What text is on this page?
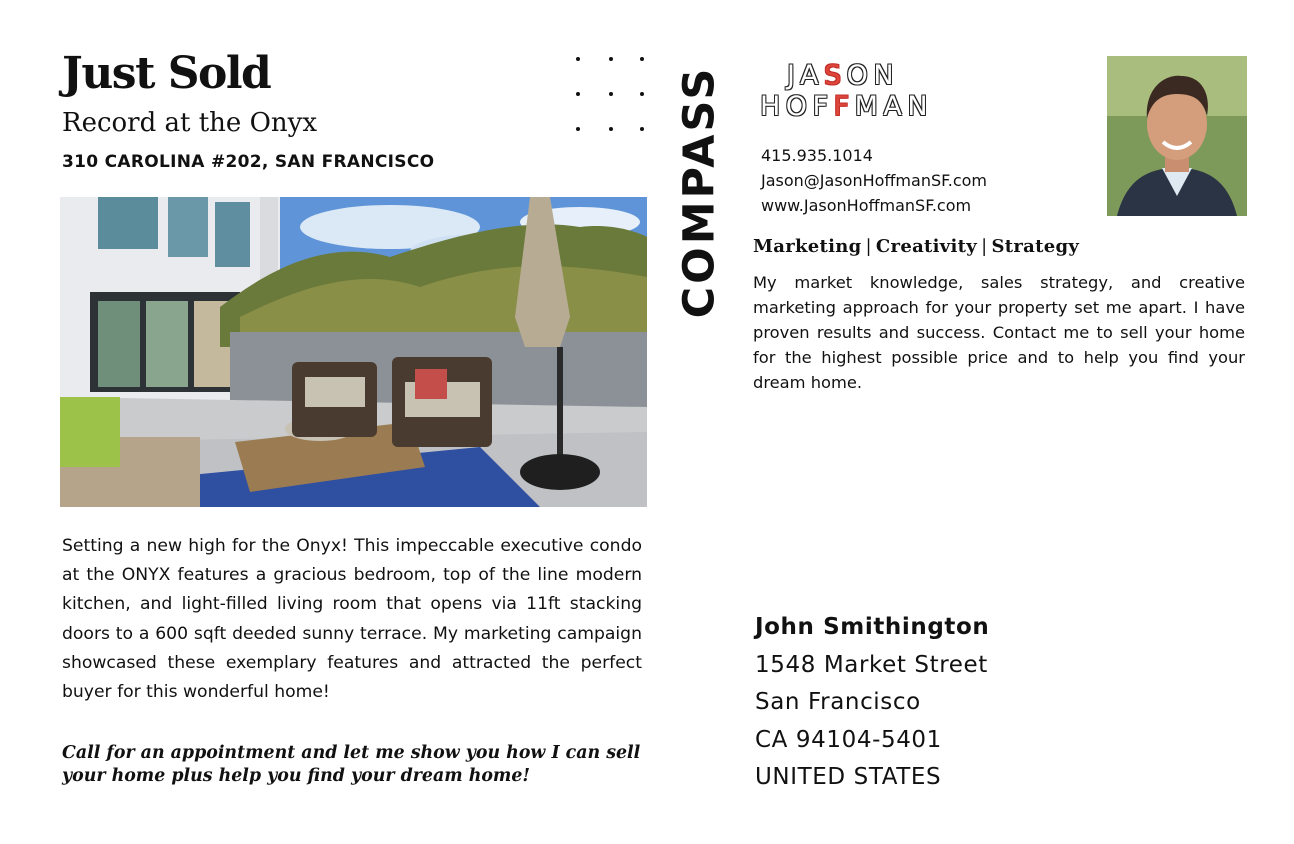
Just Sold
Record at the Onyx
310 CAROLINA #202, SAN FRANCISCO
Setting a new high for the Onyx! This impeccable executive condo at the ONYX features a gracious bedroom, top of the line modern kitchen, and light-filled living room that opens via 11ft stacking doors to a 600 sqft deeded sunny terrace. My marketing campaign showcased these exemplary features and attracted the perfect buyer for this wonderful home!
Call for an appointment and let me show you how I can sell your home plus help you find your dream home!
COMPASS	JASON
HOFFMAN
415.935.1014
Jason@JasonHoffmanSF.com
www.JasonHoffmanSF.com
Marketing | Creativity | Strategy
My market knowledge, sales strategy, and creative marketing approach for your property set me apart. I have proven results and success. Contact me to sell your home for the highest possible price and to help you find your dream home.
John Smithington
1548 Market Street
San Francisco
CA 94104-5401
UNITED STATES
